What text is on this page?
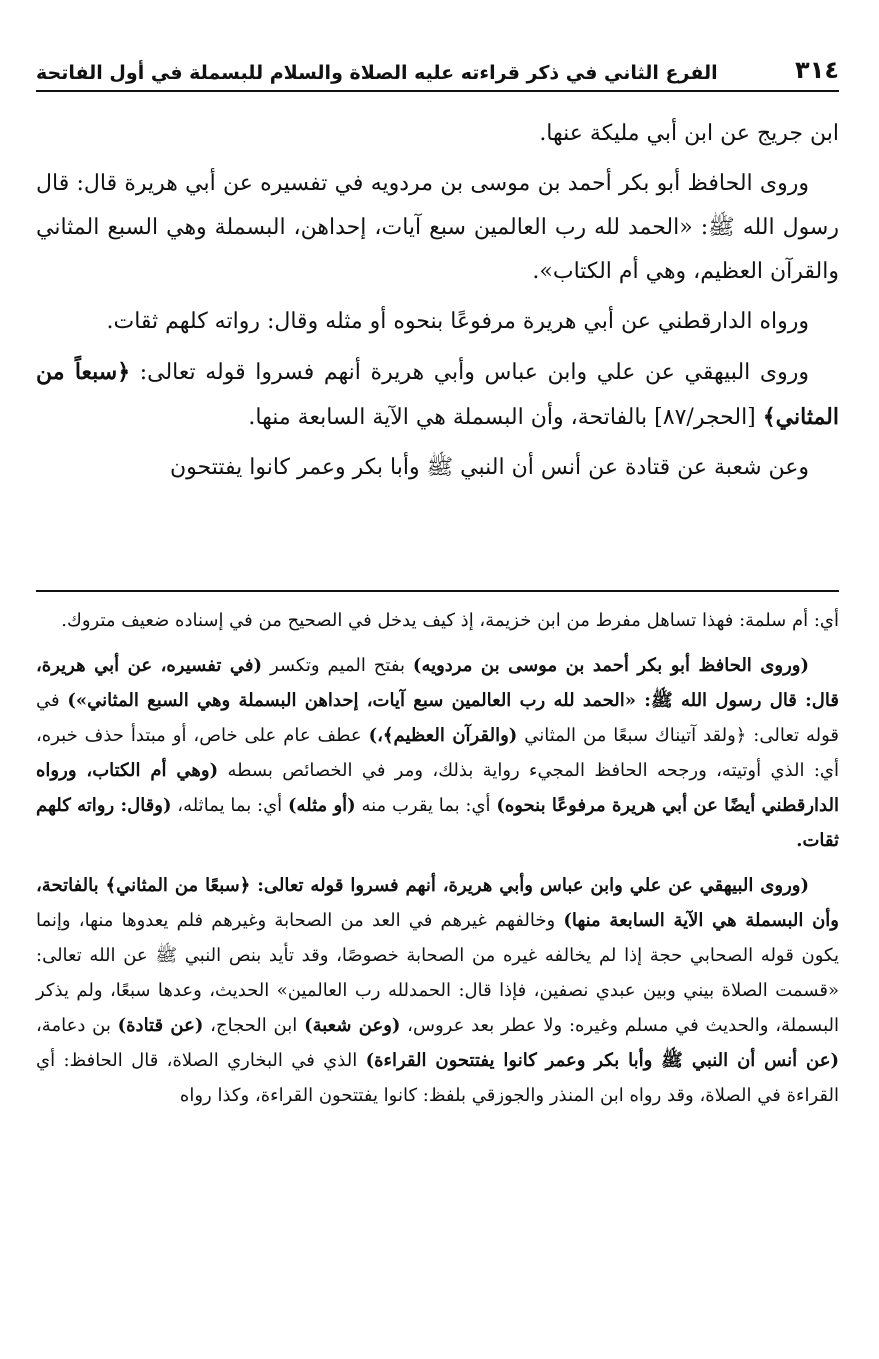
٣١٤
الفرع الثاني في ذكر قراءته عليه الصلاة والسلام للبسملة في أول الفاتحة

ابن جريج عن ابن أبي مليكة عنها.

وروى الحافظ أبو بكر أحمد بن موسى بن مردويه في تفسيره عن أبي هريرة قال: قال رسول الله ﷺ: «الحمد لله رب العالمين سبع آيات، إحداهن، البسملة وهي السبع المثاني والقرآن العظيم، وهي أم الكتاب».

ورواه الدارقطني عن أبي هريرة مرفوعًا بنحوه أو مثله وقال: رواته كلهم ثقات.

وروى البيهقي عن علي وابن عباس وأبي هريرة أنهم فسروا قوله تعالى: ﴿سبعاً من المثاني﴾ [الحجر/٨٧] بالفاتحة، وأن البسملة هي الآية السابعة منها.

وعن شعبة عن قتادة عن أنس أن النبي ﷺ وأبا بكر وعمر كانوا يفتتحون

أي: أم سلمة: فهذا تساهل مفرط من ابن خزيمة، إذ كيف يدخل في الصحيح من في إسناده ضعيف متروك.

(وروى الحافظ أبو بكر أحمد بن موسى بن مردويه) بفتح الميم وتكسر (في تفسيره، عن أبي هريرة، قال: قال رسول الله ﷺ: «الحمد لله رب العالمين سبع آيات، إحداهن البسملة وهي السبع المثاني») في قوله تعالى: ﴿ولقد آتيناك سبعًا من المثاني (والقرآن العظيم﴾،) عطف عام على خاص، أو مبتدأ حذف خبره، أي: الذي أوتيته، ورجحه الحافظ المجيء رواية بذلك، ومر في الخصائص بسطه (وهي أم الكتاب، ورواه الدارقطني أيضًا عن أبي هريرة مرفوعًا بنحوه) أي: بما يقرب منه (أو مثله) أي: بما يماثله، (وقال: رواته كلهم ثقات.

(وروى البيهقي عن علي وابن عباس وأبي هريرة، أنهم فسروا قوله تعالى: ﴿سبعًا من المثاني﴾ بالفاتحة، وأن البسملة هي الآية السابعة منها) وخالفهم غيرهم في العد من الصحابة وغيرهم فلم يعدوها منها، وإنما يكون قوله الصحابي حجة إذا لم يخالفه غيره من الصحابة خصوصًا، وقد تأيد بنص النبي ﷺ عن الله تعالى: «قسمت الصلاة بيني وبين عبدي نصفين، فإذا قال: الحمدلله رب العالمين» الحديث، وعدها سبعًا، ولم يذكر البسملة، والحديث في مسلم وغيره: ولا عطر بعد عروس، (وعن شعبة) ابن الحجاج، (عن قتادة) بن دعامة، (عن أنس أن النبي ﷺ وأبا بكر وعمر كانوا يفتتحون القراءة) الذي في البخاري الصلاة، قال الحافظ: أي القراءة في الصلاة، وقد رواه ابن المنذر والجوزقي بلفظ: كانوا يفتتحون القراءة، وكذا رواه
